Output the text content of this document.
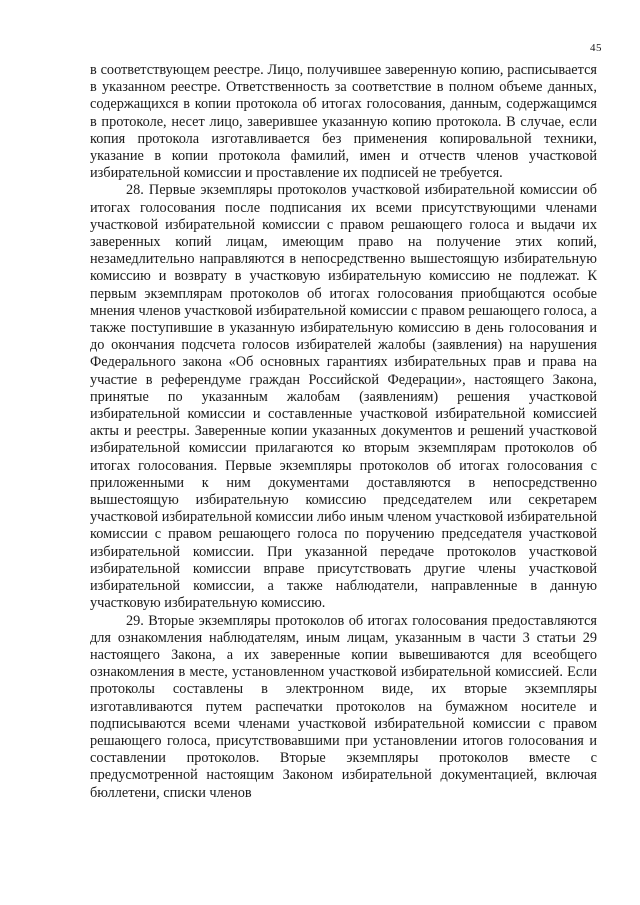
45

в соответствующем реестре. Лицо, получившее заверенную копию, расписывается в указанном реестре. Ответственность за соответствие в полном объеме данных, содержащихся в копии протокола об итогах голосования, данным, содержащимся в протоколе, несет лицо, заверившее указанную копию протокола. В случае, если копия протокола изготавливается без применения копировальной техники, указание в копии протокола фамилий, имен и отчеств членов участковой избирательной комиссии и проставление их подписей не требуется.

28. Первые экземпляры протоколов участковой избирательной комиссии об итогах голосования после подписания их всеми присутствующими членами участковой избирательной комиссии с правом решающего голоса и выдачи их заверенных копий лицам, имеющим право на получение этих копий, незамедлительно направляются в непосредственно вышестоящую избирательную комиссию и возврату в участковую избирательную комиссию не подлежат. К первым экземплярам протоколов об итогах голосования приобщаются особые мнения членов участковой избирательной комиссии с правом решающего голоса, а также поступившие в указанную избирательную комиссию в день голосования и до окончания подсчета голосов избирателей жалобы (заявления) на нарушения Федерального закона «Об основных гарантиях избирательных прав и права на участие в референдуме граждан Российской Федерации», настоящего Закона, принятые по указанным жалобам (заявлениям) решения участковой избирательной комиссии и составленные участковой избирательной комиссией акты и реестры. Заверенные копии указанных документов и решений участковой избирательной комиссии прилагаются ко вторым экземплярам протоколов об итогах голосования. Первые экземпляры протоколов об итогах голосования с приложенными к ним документами доставляются в непосредственно вышестоящую избирательную комиссию председателем или секретарем участковой избирательной комиссии либо иным членом участковой избирательной комиссии с правом решающего голоса по поручению председателя участковой избирательной комиссии. При указанной передаче протоколов участковой избирательной комиссии вправе присутствовать другие члены участковой избирательной комиссии, а также наблюдатели, направленные в данную участковую избирательную комиссию.

29. Вторые экземпляры протоколов об итогах голосования предоставляются для ознакомления наблюдателям, иным лицам, указанным в части 3 статьи 29 настоящего Закона, а их заверенные копии вывешиваются для всеобщего ознакомления в месте, установленном участковой избирательной комиссией. Если протоколы составлены в электронном виде, их вторые экземпляры изготавливаются путем распечатки протоколов на бумажном носителе и подписываются всеми членами участковой избирательной комиссии с правом решающего голоса, присутствовавшими при установлении итогов голосования и составлении протоколов. Вторые экземпляры протоколов вместе с предусмотренной настоящим Законом избирательной документацией, включая бюллетени, списки членов
